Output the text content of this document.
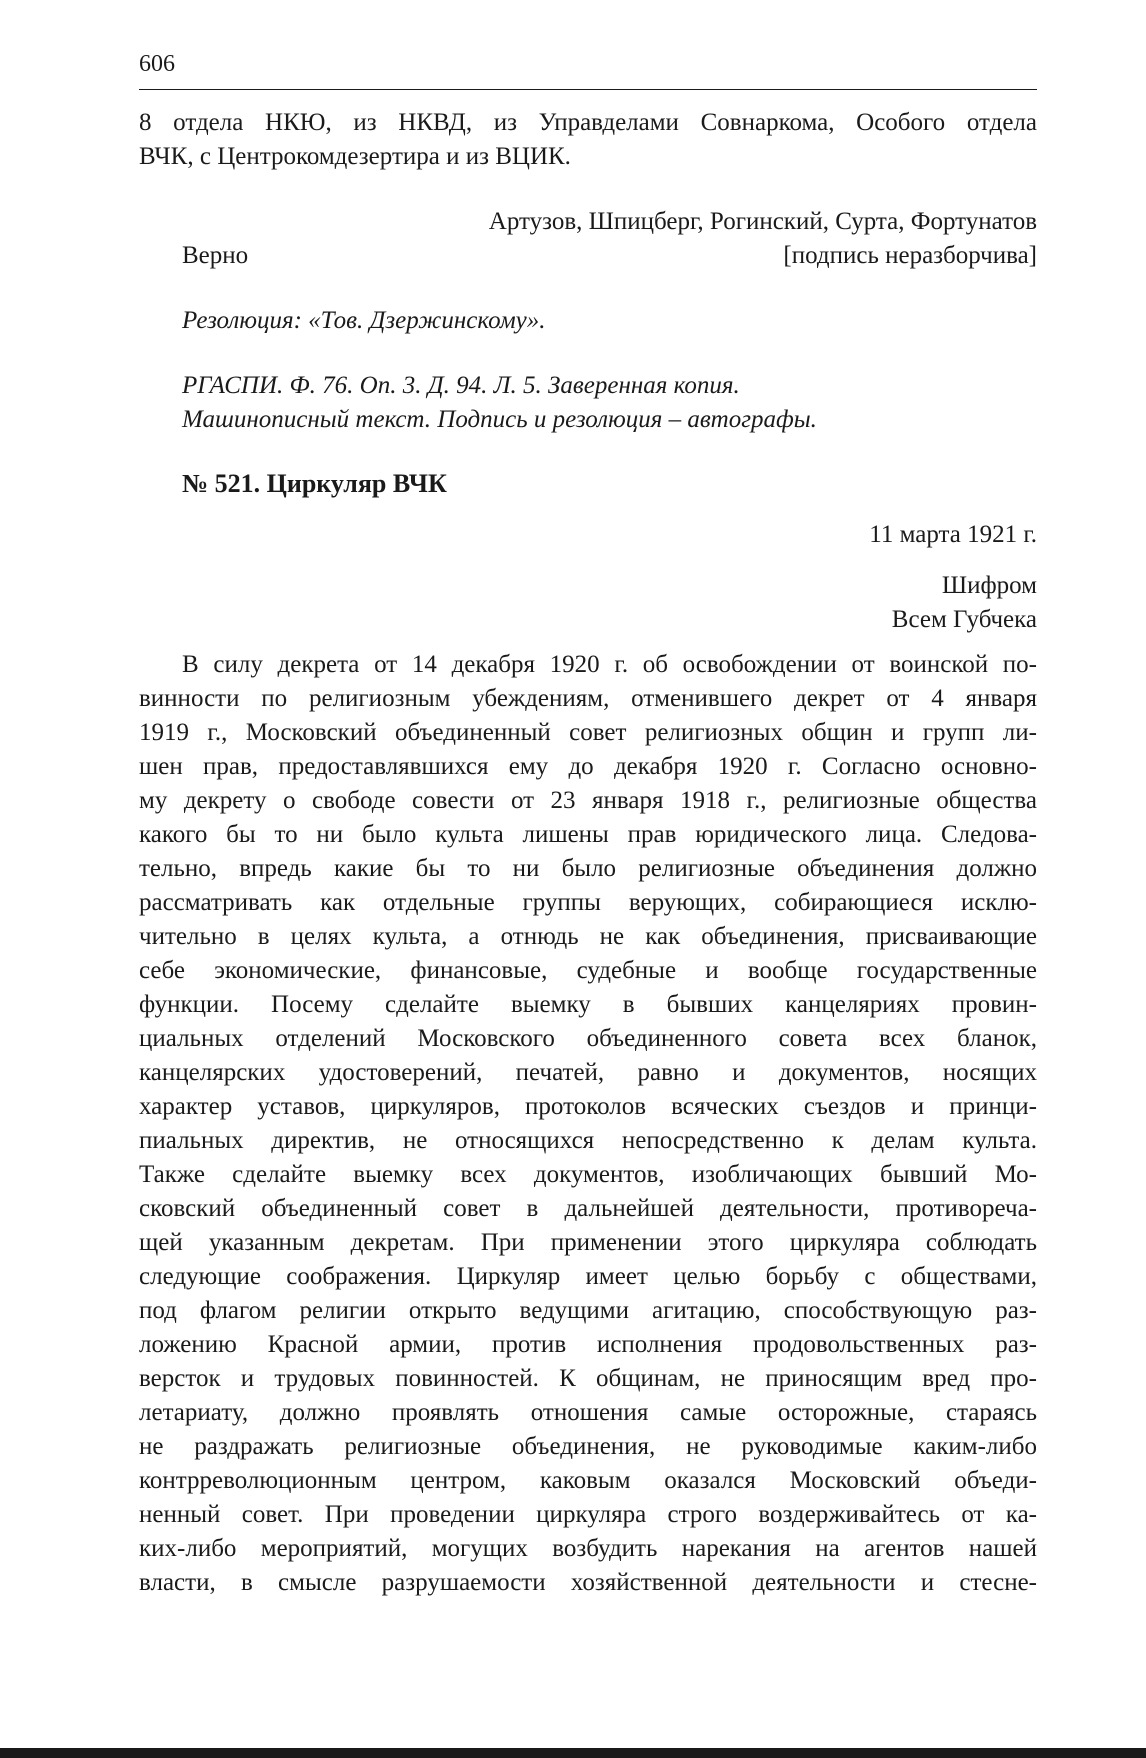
606
8 отдела НКЮ, из НКВД, из Управделами Совнаркома, Особого отдела
ВЧК, с Центрокомдезертира и из ВЦИК.
Артузов, Шпицберг, Рогинский, Сурта, Фортунатов
Верно	[подпись неразборчива]
Резолюция: «Тов. Дзержинскому».
РГАСПИ. Ф. 76. Оп. 3. Д. 94. Л. 5. Заверенная копия.
Машинописный текст. Подпись и резолюция – автографы.
№ 521. Циркуляр ВЧК
11 марта 1921 г.
Шифром
Всем Губчека
В силу декрета от 14 декабря 1920 г. об освобождении от воинской по-
винности по религиозным убеждениям, отменившего декрет от 4 января
1919 г., Московский объединенный совет религиозных общин и групп ли-
шен прав, предоставлявшихся ему до декабря 1920 г. Согласно основно-
му декрету о свободе совести от 23 января 1918 г., религиозные общества
какого бы то ни было культа лишены прав юридического лица. Следова-
тельно, впредь какие бы то ни было религиозные объединения должно
рассматривать как отдельные группы верующих, собирающиеся исклю-
чительно в целях культа, а отнюдь не как объединения, присваивающие
себе экономические, финансовые, судебные и вообще государственные
функции. Посему сделайте выемку в бывших канцеляриях провин-
циальных отделений Московского объединенного совета всех бланок,
канцелярских удостоверений, печатей, равно и документов, носящих
характер уставов, циркуляров, протоколов всяческих съездов и принци-
пиальных директив, не относящихся непосредственно к делам культа.
Также сделайте выемку всех документов, изобличающих бывший Мо-
сковский объединенный совет в дальнейшей деятельности, противореча-
щей указанным декретам. При применении этого циркуляра соблюдать
следующие соображения. Циркуляр имеет целью борьбу с обществами,
под флагом религии открыто ведущими агитацию, способствующую раз-
ложению Красной армии, против исполнения продовольственных раз-
версток и трудовых повинностей. К общинам, не приносящим вред про-
летариату, должно проявлять отношения самые осторожные, стараясь
не раздражать религиозные объединения, не руководимые каким-либо
контрреволюционным центром, каковым оказался Московский объеди-
ненный совет. При проведении циркуляра строго воздерживайтесь от ка-
ких-либо мероприятий, могущих возбудить нарекания на агентов нашей
власти, в смысле разрушаемости хозяйственной деятельности и стесне-
